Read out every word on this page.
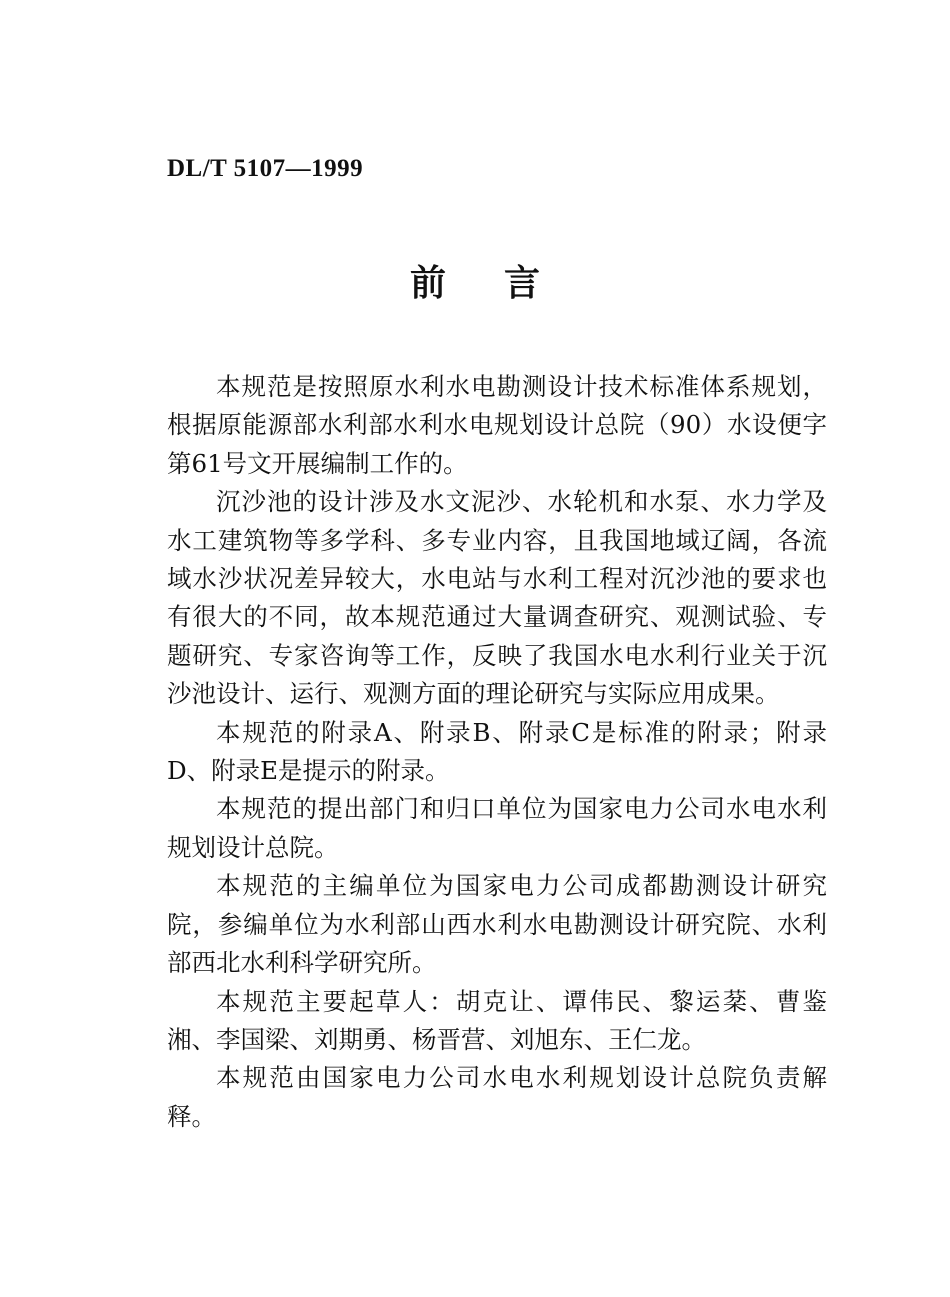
DL/T 5107—1999
前言

本规范是按照原水利水电勘测设计技术标准体系规划，根据原能源部水利部水利水电规划设计总院（90）水设便字第61号文开展编制工作的。

沉沙池的设计涉及水文泥沙、水轮机和水泵、水力学及水工建筑物等多学科、多专业内容，且我国地域辽阔，各流域水沙状况差异较大，水电站与水利工程对沉沙池的要求也有很大的不同，故本规范通过大量调查研究、观测试验、专题研究、专家咨询等工作，反映了我国水电水利行业关于沉沙池设计、运行、观测方面的理论研究与实际应用成果。

本规范的附录A、附录B、附录C是标准的附录；附录D、附录E是提示的附录。

本规范的提出部门和归口单位为国家电力公司水电水利规划设计总院。

本规范的主编单位为国家电力公司成都勘测设计研究院，参编单位为水利部山西水利水电勘测设计研究院、水利部西北水利科学研究所。

本规范主要起草人：胡克让、谭伟民、黎运棻、曹鉴湘、李国梁、刘期勇、杨晋营、刘旭东、王仁龙。

本规范由国家电力公司水电水利规划设计总院负责解释。
